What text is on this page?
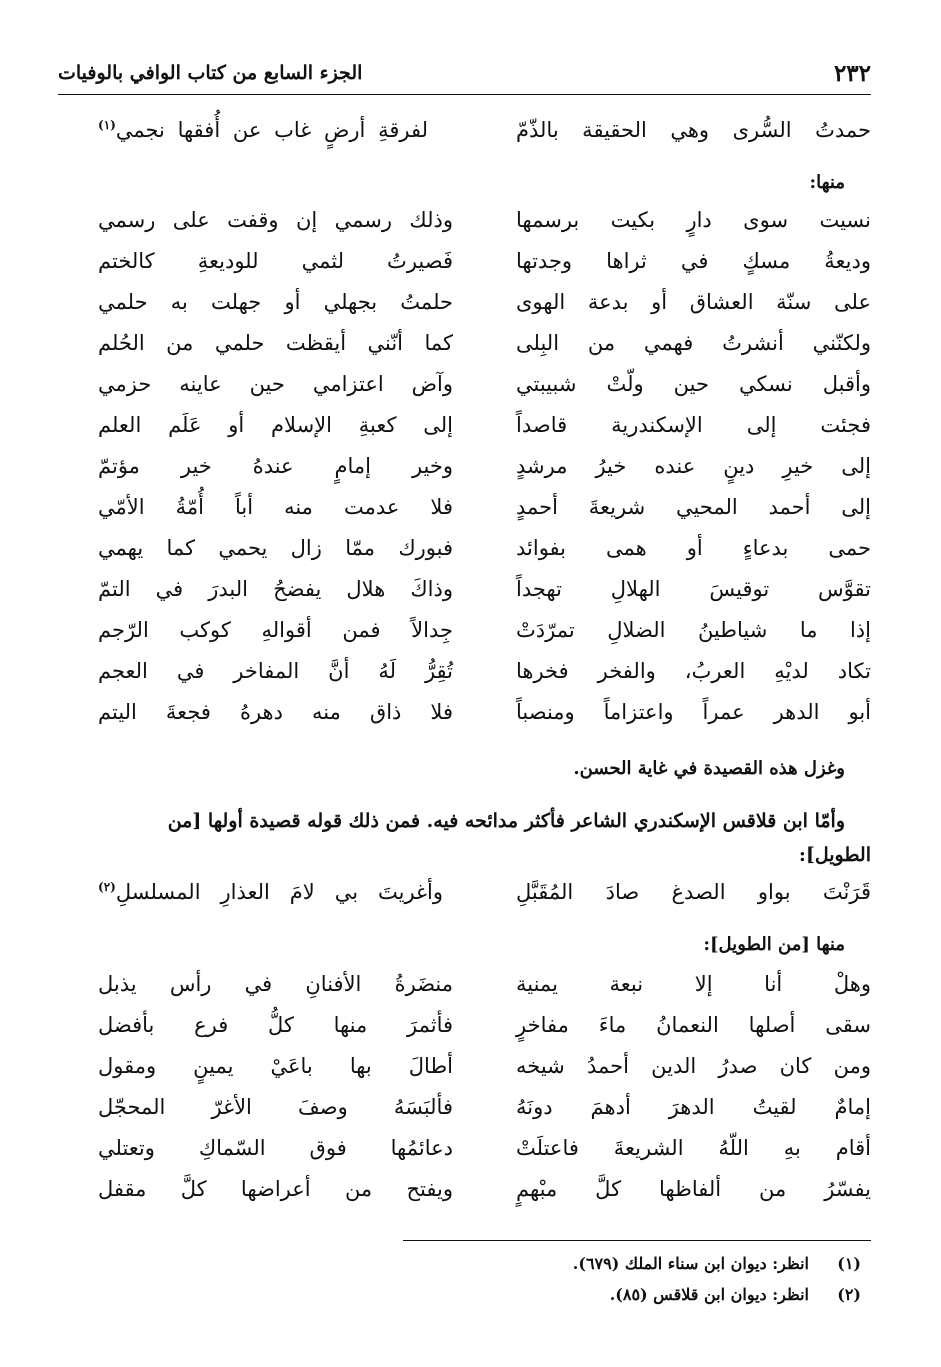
٢٣٢
الجزء السابع من كتاب الوافي بالوفيات
حمدتُ السُّرى وهي الحقيقة بالذّمّ
لفرقةِ أرضٍ غاب عن أُفقها نجمي$^{(١)}$
منها:
نسيت سوى دارٍ بكيت برسمها
وذلك رسمي إن وقفت على رسمي
وديعةُ مسكٍ في ثراها وجدتها
فَصيرتُ لثمي للوديعةِ كالختم
على سنّة العشاق أو بدعة الهوى
حلمتُ بجهلي أو جهلت به حلمي
ولكنّني أنشرتُ فهمي من البِلى
كما أنّني أيقظت حلمي من الحُلم
وأقبل نسكي حين ولّتْ شبيبتي
وآض اعتزامي حين عاينه حزمي
فجئت إلى الإسكندرية قاصداً
إلى كعبةِ الإسلام أو عَلَم العلم
إلى خيرِ دينٍ عنده خيرُ مرشدٍ
وخير إمامٍ عندهُ خير مؤتمّ
إلى أحمد المحيي شريعةَ أحمدٍ
فلا عدمت منه أباً أُمّةُ الأمّي
حمى بدعاءٍ أو همى بفوائد
فبورك ممّا زال يحمي كما يهمي
تقوَّس توقيسَ الهلالِ تهجداً
وذاكَ هلال يفضحُ البدرَ في التمّ
إذا ما شياطينُ الضلالِ تمرّدَتْ
جِدالاً فمن أقوالهِ كوكب الرّجم
تكاد لديْهِ العربُ، والفخر فخرها
تُقِرُّ لَهُ أنَّ المفاخر في العجم
أبو الدهر عمراً واعتزاماً ومنصباً
فلا ذاق منه دهرهُ فجعةَ اليتم
وغزل هذه القصيدة في غاية الحسن.
وأمّا ابن قلاقس الإسكندري الشاعر فأكثر مدائحه فيه. فمن ذلك قوله قصيدة أولها [من
الطويل]:
قَرَنْتَ بواو الصدغ صادَ المُقَبَّلِ
وأغريتَ بي لامَ العذارِ المسلسلِ$^{(٢)}$
منها [من الطويل]:
وهلْ أنا إلا نبعة يمنية
منضَرةُ الأفنانِ في رأس يذبل
سقى أصلها النعمانُ ماءَ مفاخرٍ
فأثمرَ منها كلُّ فرع بأفضل
ومن كان صدرُ الدين أحمدُ شيخه
أطالَ بها باعَيْ يمينٍ ومقول
إمامٌ لقيتُ الدهرَ أدهمَ دونَهُ
فألبَسَهُ وصفَ الأغرّ المحجّل
أقام بهِ اللّهُ الشريعةَ فاعتلَتْ
دعائمُها فوق السّماكِ وتعتلي
يفسّرُ من ألفاظها كلَّ مبْهمٍ
ويفتح من أعراضها كلَّ مقفل
(١)انظر: ديوان ابن سناء الملك (٦٧٩).
(٢)انظر: ديوان ابن قلاقس (٨٥).
